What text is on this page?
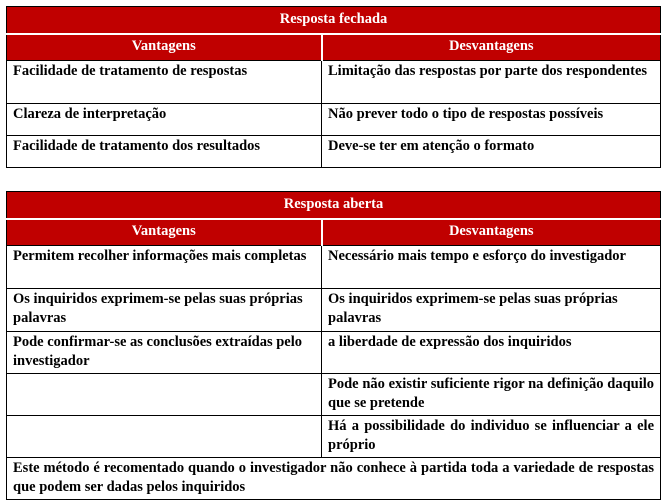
Resposta fechada	
Vantagens	Desvantagens
Facilidade de tratamento de respostas	Limitação das respostas por parte dos respondentes
Clareza de interpretação	Não prever todo o tipo de respostas possíveis
Facilidade de tratamento dos resultados	Deve-se ter em atenção o formato
Resposta aberta	
Vantagens	Desvantagens
Permitem recolher informações mais completas	Necessário mais tempo e esforço do investigador
Os inquiridos exprimem-se pelas suas próprias palavras	Os inquiridos exprimem-se pelas suas próprias palavras
Pode confirmar-se as conclusões extraídas pelo investigador	a liberdade de expressão dos inquiridos
	Pode não existir suficiente rigor na definição daquilo que se pretende
	Há a possibilidade do individuo se influenciar a ele próprio
Este método é recomentado quando o investigador não conhece à partida toda a variedade de respostas que podem ser dadas pelos inquiridos	
